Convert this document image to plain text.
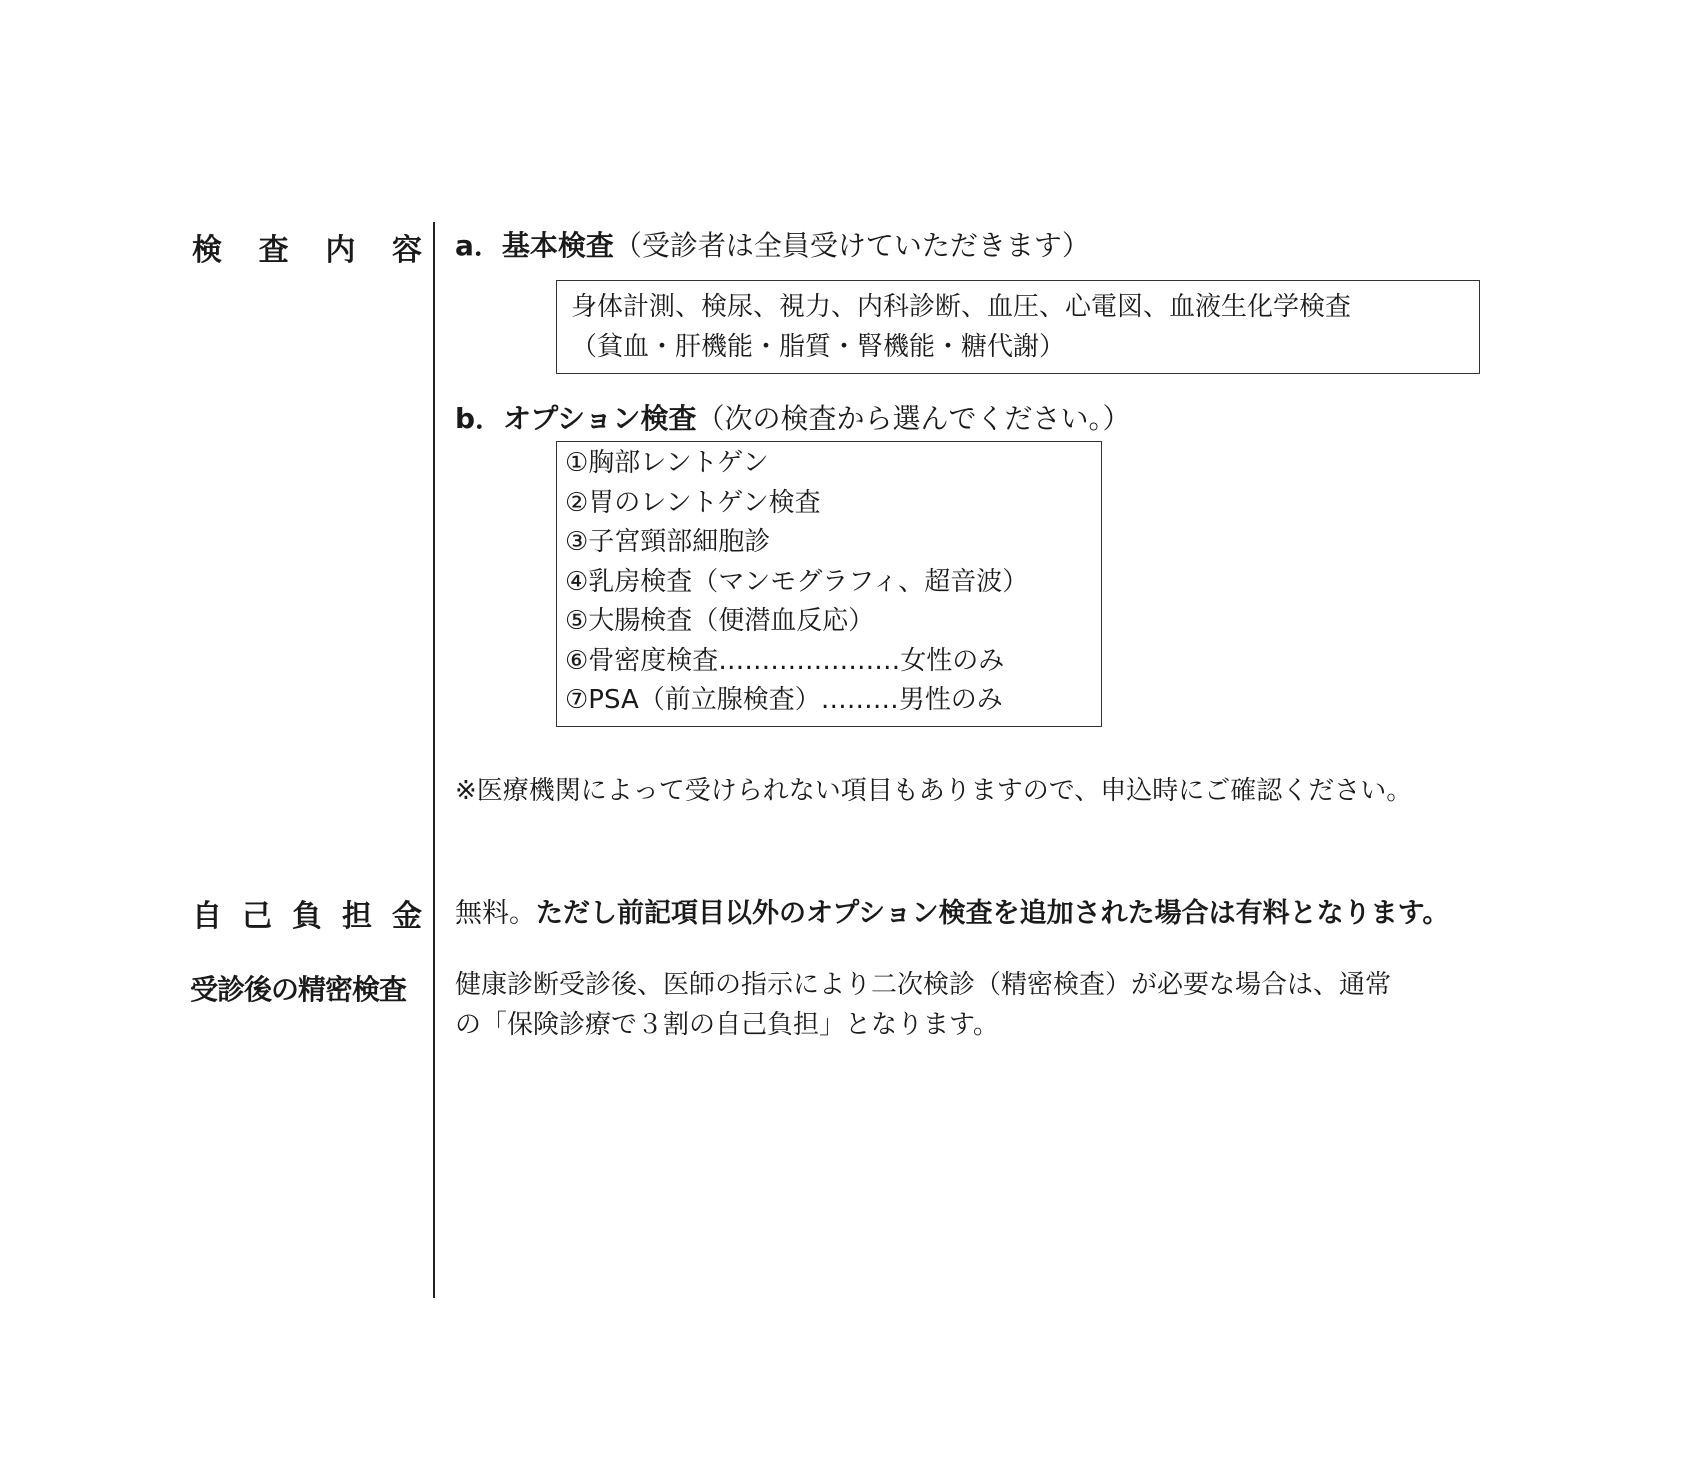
検 査 内 容
自 己 負 担 金
受診後の精密検査
a．基本検査（受診者は全員受けていただきます）
身体計測、検尿、視力、内科診断、血圧、心電図、血液生化学検査
（貧血・肝機能・脂質・腎機能・糖代謝）
b．オプション検査（次の検査から選んでください。）
①胸部レントゲン
②胃のレントゲン検査
③子宮頸部細胞診
④乳房検査（マンモグラフィ、超音波）
⑤大腸検査（便潜血反応）
⑥骨密度検査…………………女性のみ
⑦PSA（前立腺検査）………男性のみ
※医療機関によって受けられない項目もありますので、申込時にご確認ください。
無料。ただし前記項目以外のオプション検査を追加された場合は有料となります。
健康診断受診後、医師の指示により二次検診（精密検査）が必要な場合は、通常
の「保険診療で３割の自己負担」となります。
